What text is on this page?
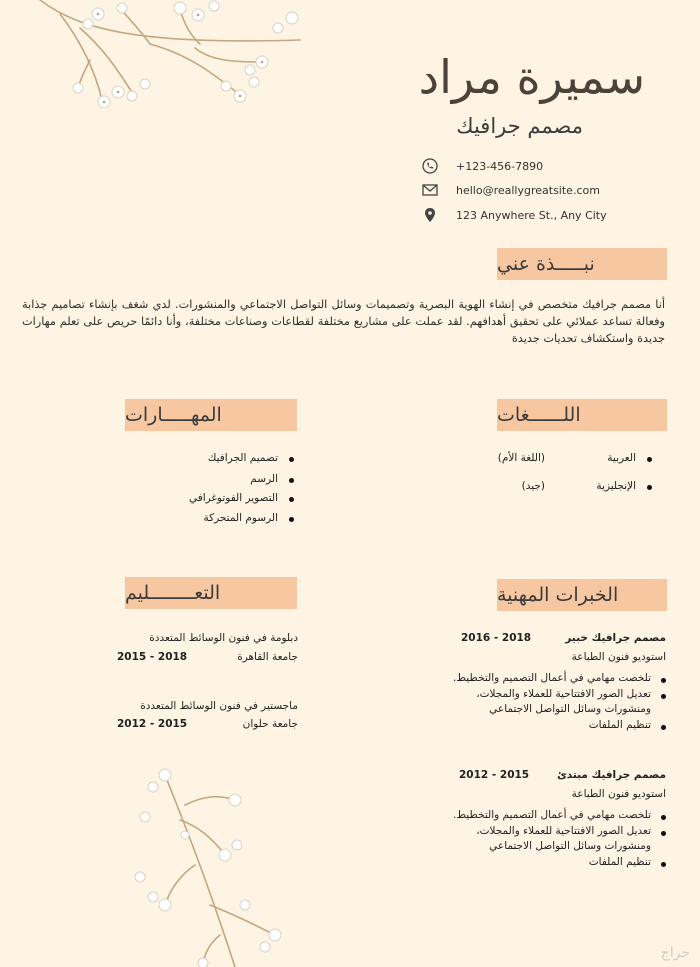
سميرة مراد
مصمم جرافيك
+123-456-7890
hello@reallygreatsite.com
123 Anywhere St., Any City
نبـــــذة عني
أنا مصمم جرافيك متخصص في إنشاء الهوية البصرية وتصميمات وسائل التواصل الاجتماعي والمنشورات. لدي شغف بإنشاء تصاميم جذابة وفعالة تساعد عملائي على تحقيق أهدافهم. لقد عملت على مشاريع مختلفة لقطاعات وصناعات مختلفة، وأنا دائمًا حريص على تعلم مهارات جديدة واستكشاف تحديات جديدة
اللــــــغات
العربية
(اللغة الأم)
الإنجليزية
(جيد)
المهـــــارات
تصميم الجرافيك
الرسم
التصوير الفوتوغرافي
الرسوم المتحركة
الخبرات المهنية
مصمم جرافيك خبير
2016 - 2018
استوديو فنون الطباعة
تلخصت مهامي في أعمال التصميم والتخطيط.
تعديل الصور الافتتاحية للعملاء والمجلات،
ومنشورات وسائل التواصل الاجتماعي
تنظيم الملفات
مصمم جرافيك مبتدئ
2012 - 2015
استوديو فنون الطباعة
تلخصت مهامي في أعمال التصميم والتخطيط.
تعديل الصور الافتتاحية للعملاء والمجلات،
ومنشورات وسائل التواصل الاجتماعي
تنظيم الملفات
التعــــــــليم
دبلومة في فنون الوسائط المتعددة
جامعة القاهرة
2015 - 2018
ماجستير في فنون الوسائط المتعددة
جامعة حلوان
2012 - 2015
حراج
